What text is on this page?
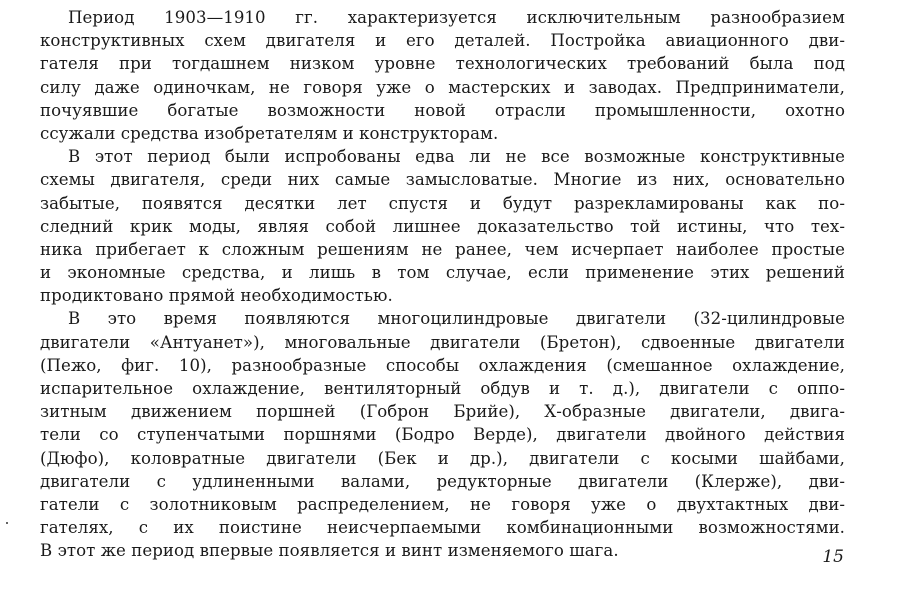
Период 1903—1910 гг. характеризуется исключительным разнообразием
конструктивных схем двигателя и его деталей. Постройка авиационного дви-
гателя при тогдашнем низком уровне технологических требований была под
силу даже одиночкам, не говоря уже о мастерских и заводах. Предприниматели,
почуявшие богатые возможности новой отрасли промышленности, охотно
ссужали средства изобретателям и конструкторам.
В этот период были испробованы едва ли не все возможные конструктивные
схемы двигателя, среди них самые замысловатые. Многие из них, основательно
забытые, появятся десятки лет спустя и будут разрекламированы как по-
следний крик моды, являя собой лишнее доказательство той истины, что тех-
ника прибегает к сложным решениям не ранее, чем исчерпает наиболее простые
и экономные средства, и лишь в том случае, если применение этих решений
продиктовано прямой необходимостью.
В это время появляются многоцилиндровые двигатели (32-цилиндровые
двигатели «Антуанет»), многовальные двигатели (Бретон), сдвоенные двигатели
(Пежо, фиг. 10), разнообразные способы охлаждения (смешанное охлаждение,
испарительное охлаждение, вентиляторный обдув и т. д.), двигатели с оппо-
зитным движением поршней (Гоброн Брийе), Х-образные двигатели, двига-
тели со ступенчатыми поршнями (Бодро Верде), двигатели двойного действия
(Дюфо), коловратные двигатели (Бек и др.), двигатели с косыми шайбами,
двигатели с удлиненными валами, редукторные двигатели (Клерже), дви-
гатели с золотниковым распределением, не говоря уже о двухтактных дви-
гателях, с их поистине неисчерпаемыми комбинационными возможностями.
В этот же период впервые появляется и винт изменяемого шага.	15
